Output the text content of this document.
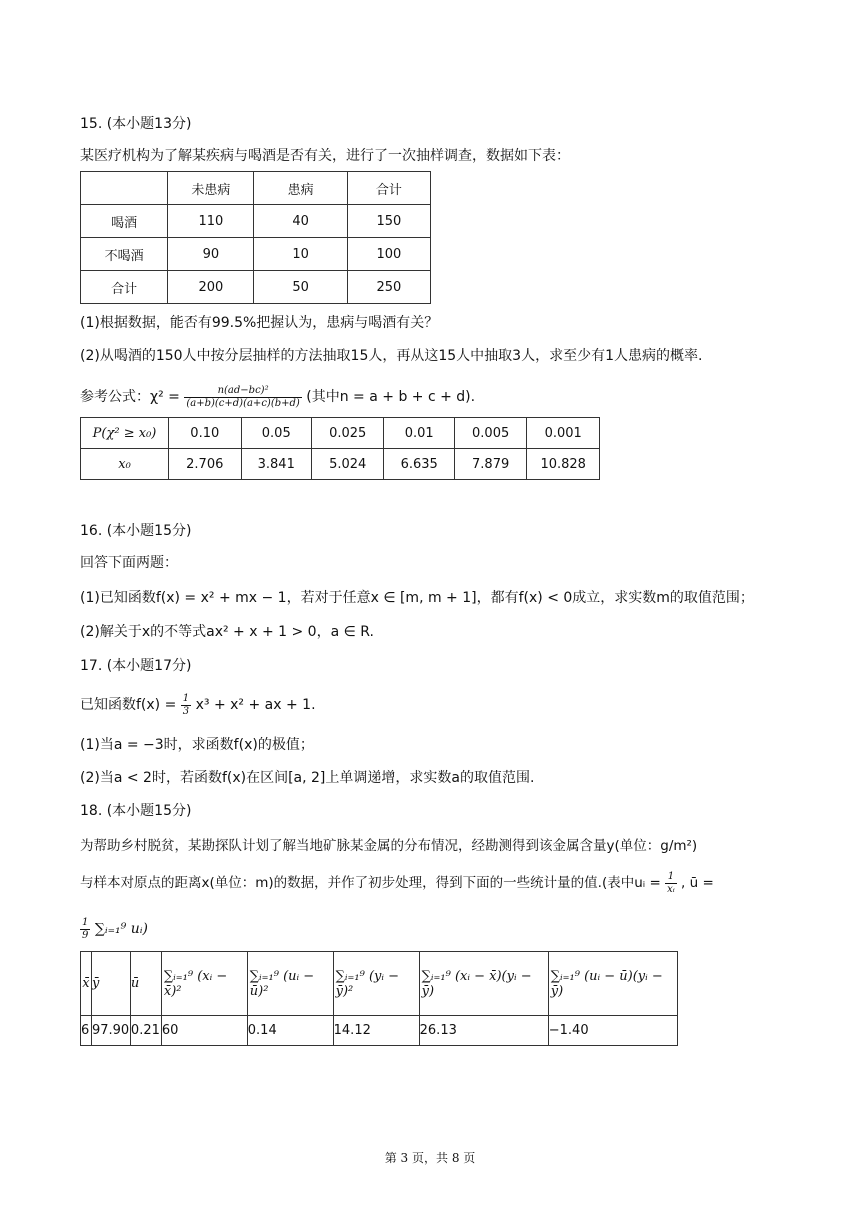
15. (本小题13分)
某医疗机构为了解某疾病与喝酒是否有关，进行了一次抽样调查，数据如下表：
	未患病	患病	合计
喝酒	110	40	150
不喝酒	90	10	100
合计	200	50	250
(1)根据数据，能否有99.5%把握认为，患病与喝酒有关？
(2)从喝酒的150人中按分层抽样的方法抽取15人，再从这15人中抽取3人，求至少有1人患病的概率.
参考公式：$\chi^2 = \frac{\text{n(ad−bc)²}}{(a+b)(c+d)(a+c)(b+d)}$ (其中n = a + b + c + d).
P(χ² ≥ x₀)	0.10	0.05	0.025	0.01	0.005	0.001
x₀	2.706	3.841	5.024	6.635	7.879	10.828
16. (本小题15分)
回答下面两题：
(1)已知函数f(x) = x² + mx − 1，若对于任意x ∈ [m, m + 1]，都有f(x) < 0成立，求实数m的取值范围；
(2)解关于x的不等式ax² + x + 1 > 0，a ∈ R.
17. (本小题17分)
已知函数$f(x) = \frac{1}{3} x^3 + x^2$ + ax + 1.
(1)当a = −3时，求函数f(x)的极值；
(2)当a < 2时，若函数f(x)在区间[a, 2]上单调递增，求实数a的取值范围.
18. (本小题15分)
为帮助乡村脱贫，某勘探队计划了解当地矿脉某金属的分布情况，经勘测得到该金属含量y(单位：g/m²)
与样本对原点的距离x(单位：m)的数据，并作了初步处理，得到下面的一些统计量的值.(表中uᵢ = $\frac{1}{\text{xᵢ}}$ , ū =
$\frac{1}{9}$ ∑ᵢ₌₁⁹ uᵢ)
x̄	ȳ	ū	∑ᵢ₌₁⁹ (xᵢ − x̄)²	∑ᵢ₌₁⁹ (uᵢ − ū)²	∑ᵢ₌₁⁹ (yᵢ − ȳ)²	∑ᵢ₌₁⁹ (xᵢ − x̄)(yᵢ − ȳ)	∑ᵢ₌₁⁹ (uᵢ − ū)(yᵢ − ȳ)
6	97.90	0.21	60	0.14	14.12	26.13	−1.40
第 3 页，共 8 页
